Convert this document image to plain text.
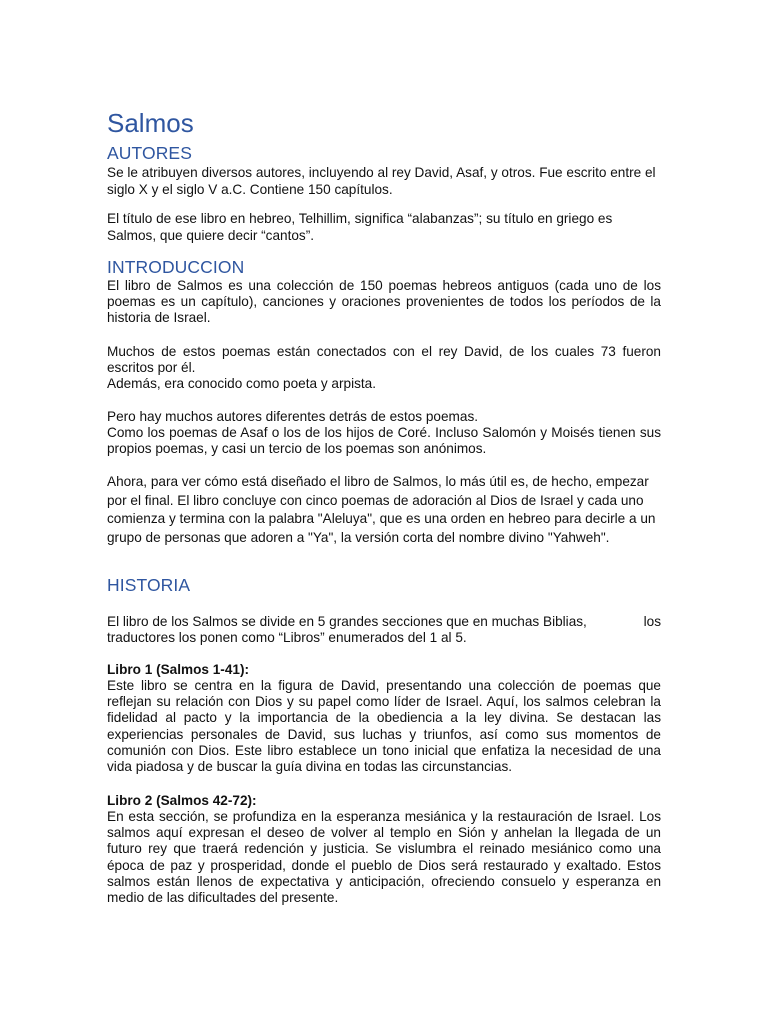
Salmos
AUTORES

Se le atribuyen diversos autores, incluyendo al rey David, Asaf, y otros. Fue escrito entre el siglo X y el siglo V a.C. Contiene 150 capítulos.

El título de ese libro en hebreo, Telhillim, significa “alabanzas”; su título en griego es Salmos, que quiere decir “cantos”.

INTRODUCCION

El libro de Salmos es una colección de 150 poemas hebreos antiguos (cada uno de los poemas es un capítulo), canciones y oraciones provenientes de todos los períodos de la historia de Israel.

Muchos de estos poemas están conectados con el rey David, de los cuales 73 fueron escritos por él.
Además, era conocido como poeta y arpista.
Pero hay muchos autores diferentes detrás de estos poemas.
Como los poemas de Asaf o los de los hijos de Coré. Incluso Salomón y Moisés tienen sus propios poemas, y casi un tercio de los poemas son anónimos.

Ahora, para ver cómo está diseñado el libro de Salmos, lo más útil es, de hecho, empezar por el final. El libro concluye con cinco poemas de adoración al Dios de Israel y cada uno comienza y termina con la palabra "Aleluya", que es una orden en hebreo para decirle a un grupo de personas que adoren a "Ya", la versión corta del nombre divino "Yahweh".

HISTORIA
El libro de los Salmos se divide en 5 grandes secciones que en muchas Biblias,	los
traductores los ponen como “Libros” enumerados del 1 al 5.
Libro 1 (Salmos 1-41):

Este libro se centra en la figura de David, presentando una colección de poemas que reflejan su relación con Dios y su papel como líder de Israel. Aquí, los salmos celebran la fidelidad al pacto y la importancia de la obediencia a la ley divina. Se destacan las experiencias personales de David, sus luchas y triunfos, así como sus momentos de comunión con Dios. Este libro establece un tono inicial que enfatiza la necesidad de una vida piadosa y de buscar la guía divina en todas las circunstancias.

Libro 2 (Salmos 42-72):

En esta sección, se profundiza en la esperanza mesiánica y la restauración de Israel. Los salmos aquí expresan el deseo de volver al templo en Sión y anhelan la llegada de un futuro rey que traerá redención y justicia. Se vislumbra el reinado mesiánico como una época de paz y prosperidad, donde el pueblo de Dios será restaurado y exaltado. Estos salmos están llenos de expectativa y anticipación, ofreciendo consuelo y esperanza en medio de las dificultades del presente.
